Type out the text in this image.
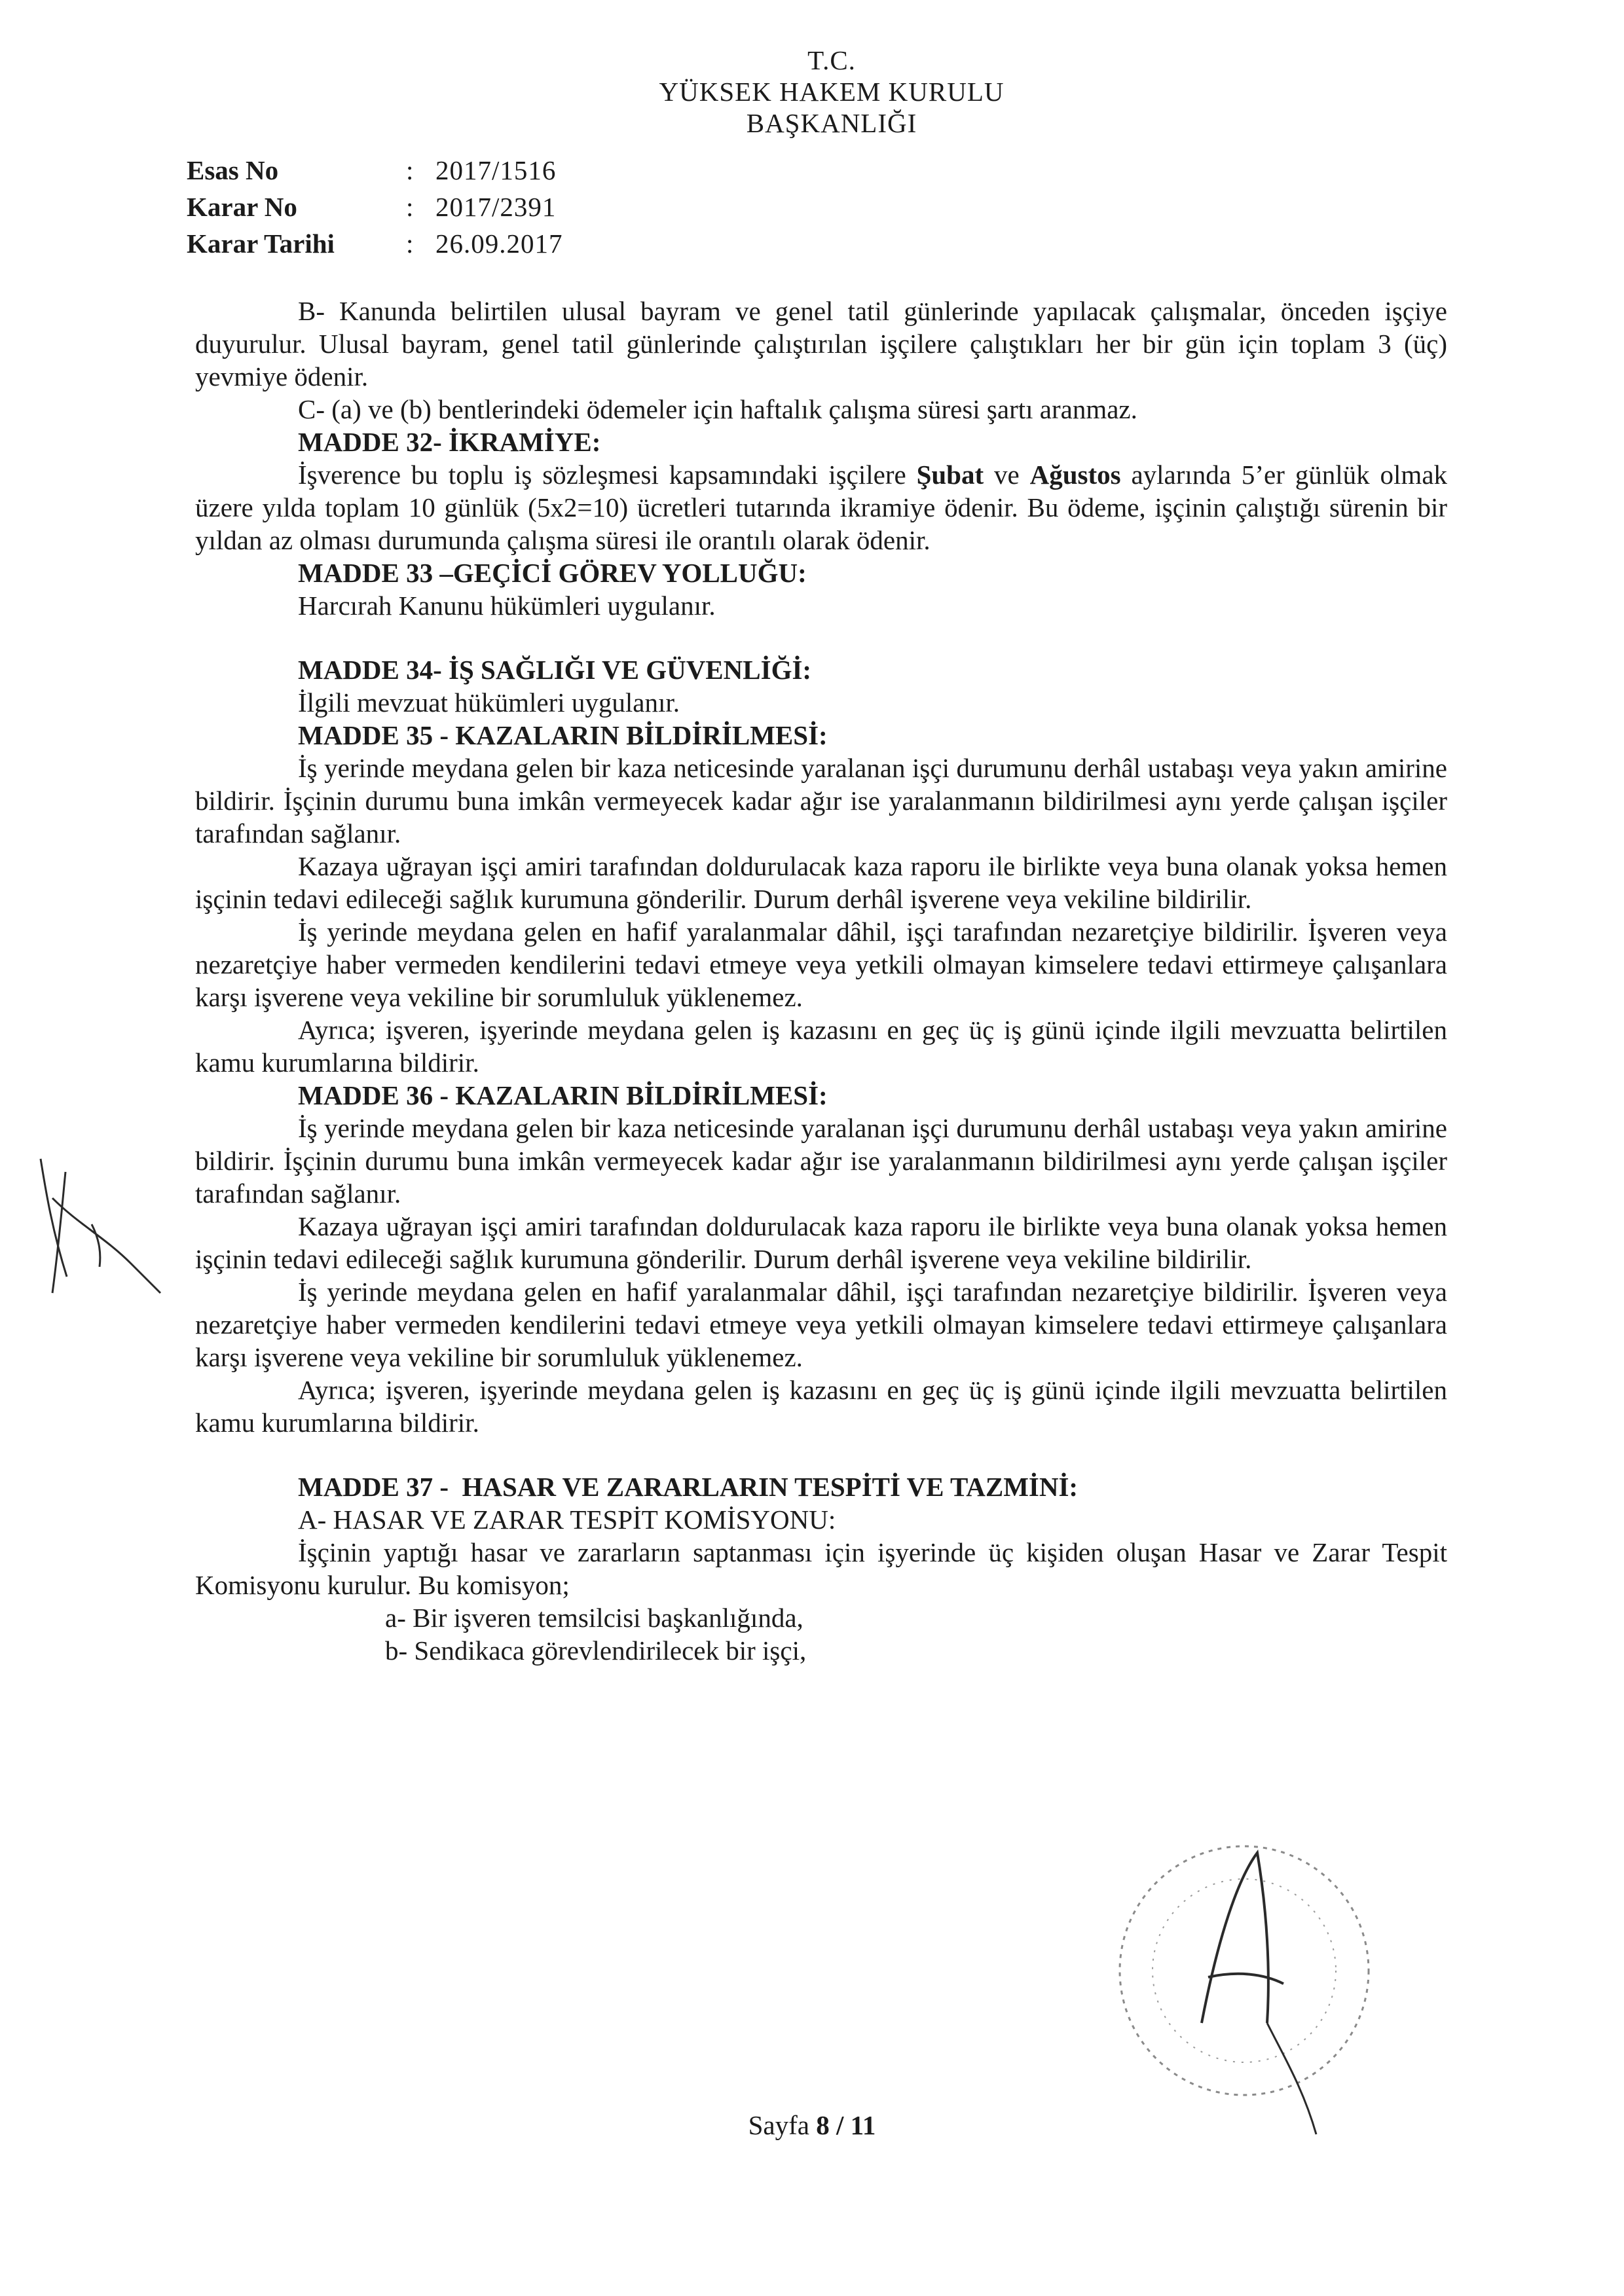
T.C.
YÜKSEK HAKEM KURULU
BAŞKANLIĞI
Esas No	: 2017/1516
Karar No	: 2017/2391
Karar Tarihi	: 26.09.2017

B- Kanunda belirtilen ulusal bayram ve genel tatil günlerinde yapılacak çalışmalar, önceden işçiye duyurulur. Ulusal bayram, genel tatil günlerinde çalıştırılan işçilere çalıştıkları her bir gün için toplam 3 (üç) yevmiye ödenir.

C- (a) ve (b) bentlerindeki ödemeler için haftalık çalışma süresi şartı aranmaz.

MADDE 32- İKRAMİYE:

İşverence bu toplu iş sözleşmesi kapsamındaki işçilere Şubat ve Ağustos aylarında 5’er günlük olmak üzere yılda toplam 10 günlük (5x2=10) ücretleri tutarında ikramiye ödenir. Bu ödeme, işçinin çalıştığı sürenin bir yıldan az olması durumunda çalışma süresi ile orantılı olarak ödenir.

MADDE 33 –GEÇİCİ GÖREV YOLLUĞU:

Harcırah Kanunu hükümleri uygulanır.

MADDE 34- İŞ SAĞLIĞI VE GÜVENLİĞİ:

İlgili mevzuat hükümleri uygulanır.

MADDE 35 - KAZALARIN BİLDİRİLMESİ:

İş yerinde meydana gelen bir kaza neticesinde yaralanan işçi durumunu derhâl ustabaşı veya yakın amirine bildirir. İşçinin durumu buna imkân vermeyecek kadar ağır ise yaralanmanın bildirilmesi aynı yerde çalışan işçiler tarafından sağlanır.

Kazaya uğrayan işçi amiri tarafından doldurulacak kaza raporu ile birlikte veya buna olanak yoksa hemen işçinin tedavi edileceği sağlık kurumuna gönderilir. Durum derhâl işverene veya vekiline bildirilir.

İş yerinde meydana gelen en hafif yaralanmalar dâhil, işçi tarafından nezaretçiye bildirilir. İşveren veya nezaretçiye haber vermeden kendilerini tedavi etmeye veya yetkili olmayan kimselere tedavi ettirmeye çalışanlara karşı işverene veya vekiline bir sorumluluk yüklenemez.

Ayrıca; işveren, işyerinde meydana gelen iş kazasını en geç üç iş günü içinde ilgili mevzuatta belirtilen kamu kurumlarına bildirir.

MADDE 36 - KAZALARIN BİLDİRİLMESİ:

İş yerinde meydana gelen bir kaza neticesinde yaralanan işçi durumunu derhâl ustabaşı veya yakın amirine bildirir. İşçinin durumu buna imkân vermeyecek kadar ağır ise yaralanmanın bildirilmesi aynı yerde çalışan işçiler tarafından sağlanır.

Kazaya uğrayan işçi amiri tarafından doldurulacak kaza raporu ile birlikte veya buna olanak yoksa hemen işçinin tedavi edileceği sağlık kurumuna gönderilir. Durum derhâl işverene veya vekiline bildirilir.

İş yerinde meydana gelen en hafif yaralanmalar dâhil, işçi tarafından nezaretçiye bildirilir. İşveren veya nezaretçiye haber vermeden kendilerini tedavi etmeye veya yetkili olmayan kimselere tedavi ettirmeye çalışanlara karşı işverene veya vekiline bir sorumluluk yüklenemez.

Ayrıca; işveren, işyerinde meydana gelen iş kazasını en geç üç iş günü içinde ilgili mevzuatta belirtilen kamu kurumlarına bildirir.

MADDE 37 -  HASAR VE ZARARLARIN TESPİTİ VE TAZMİNİ:

A- HASAR VE ZARAR TESPİT KOMİSYONU:

İşçinin yaptığı hasar ve zararların saptanması için işyerinde üç kişiden oluşan Hasar ve Zarar Tespit Komisyonu kurulur. Bu komisyon;

a- Bir işveren temsilcisi başkanlığında,

b- Sendikaca görevlendirilecek bir işçi,

Sayfa 8 / 11
